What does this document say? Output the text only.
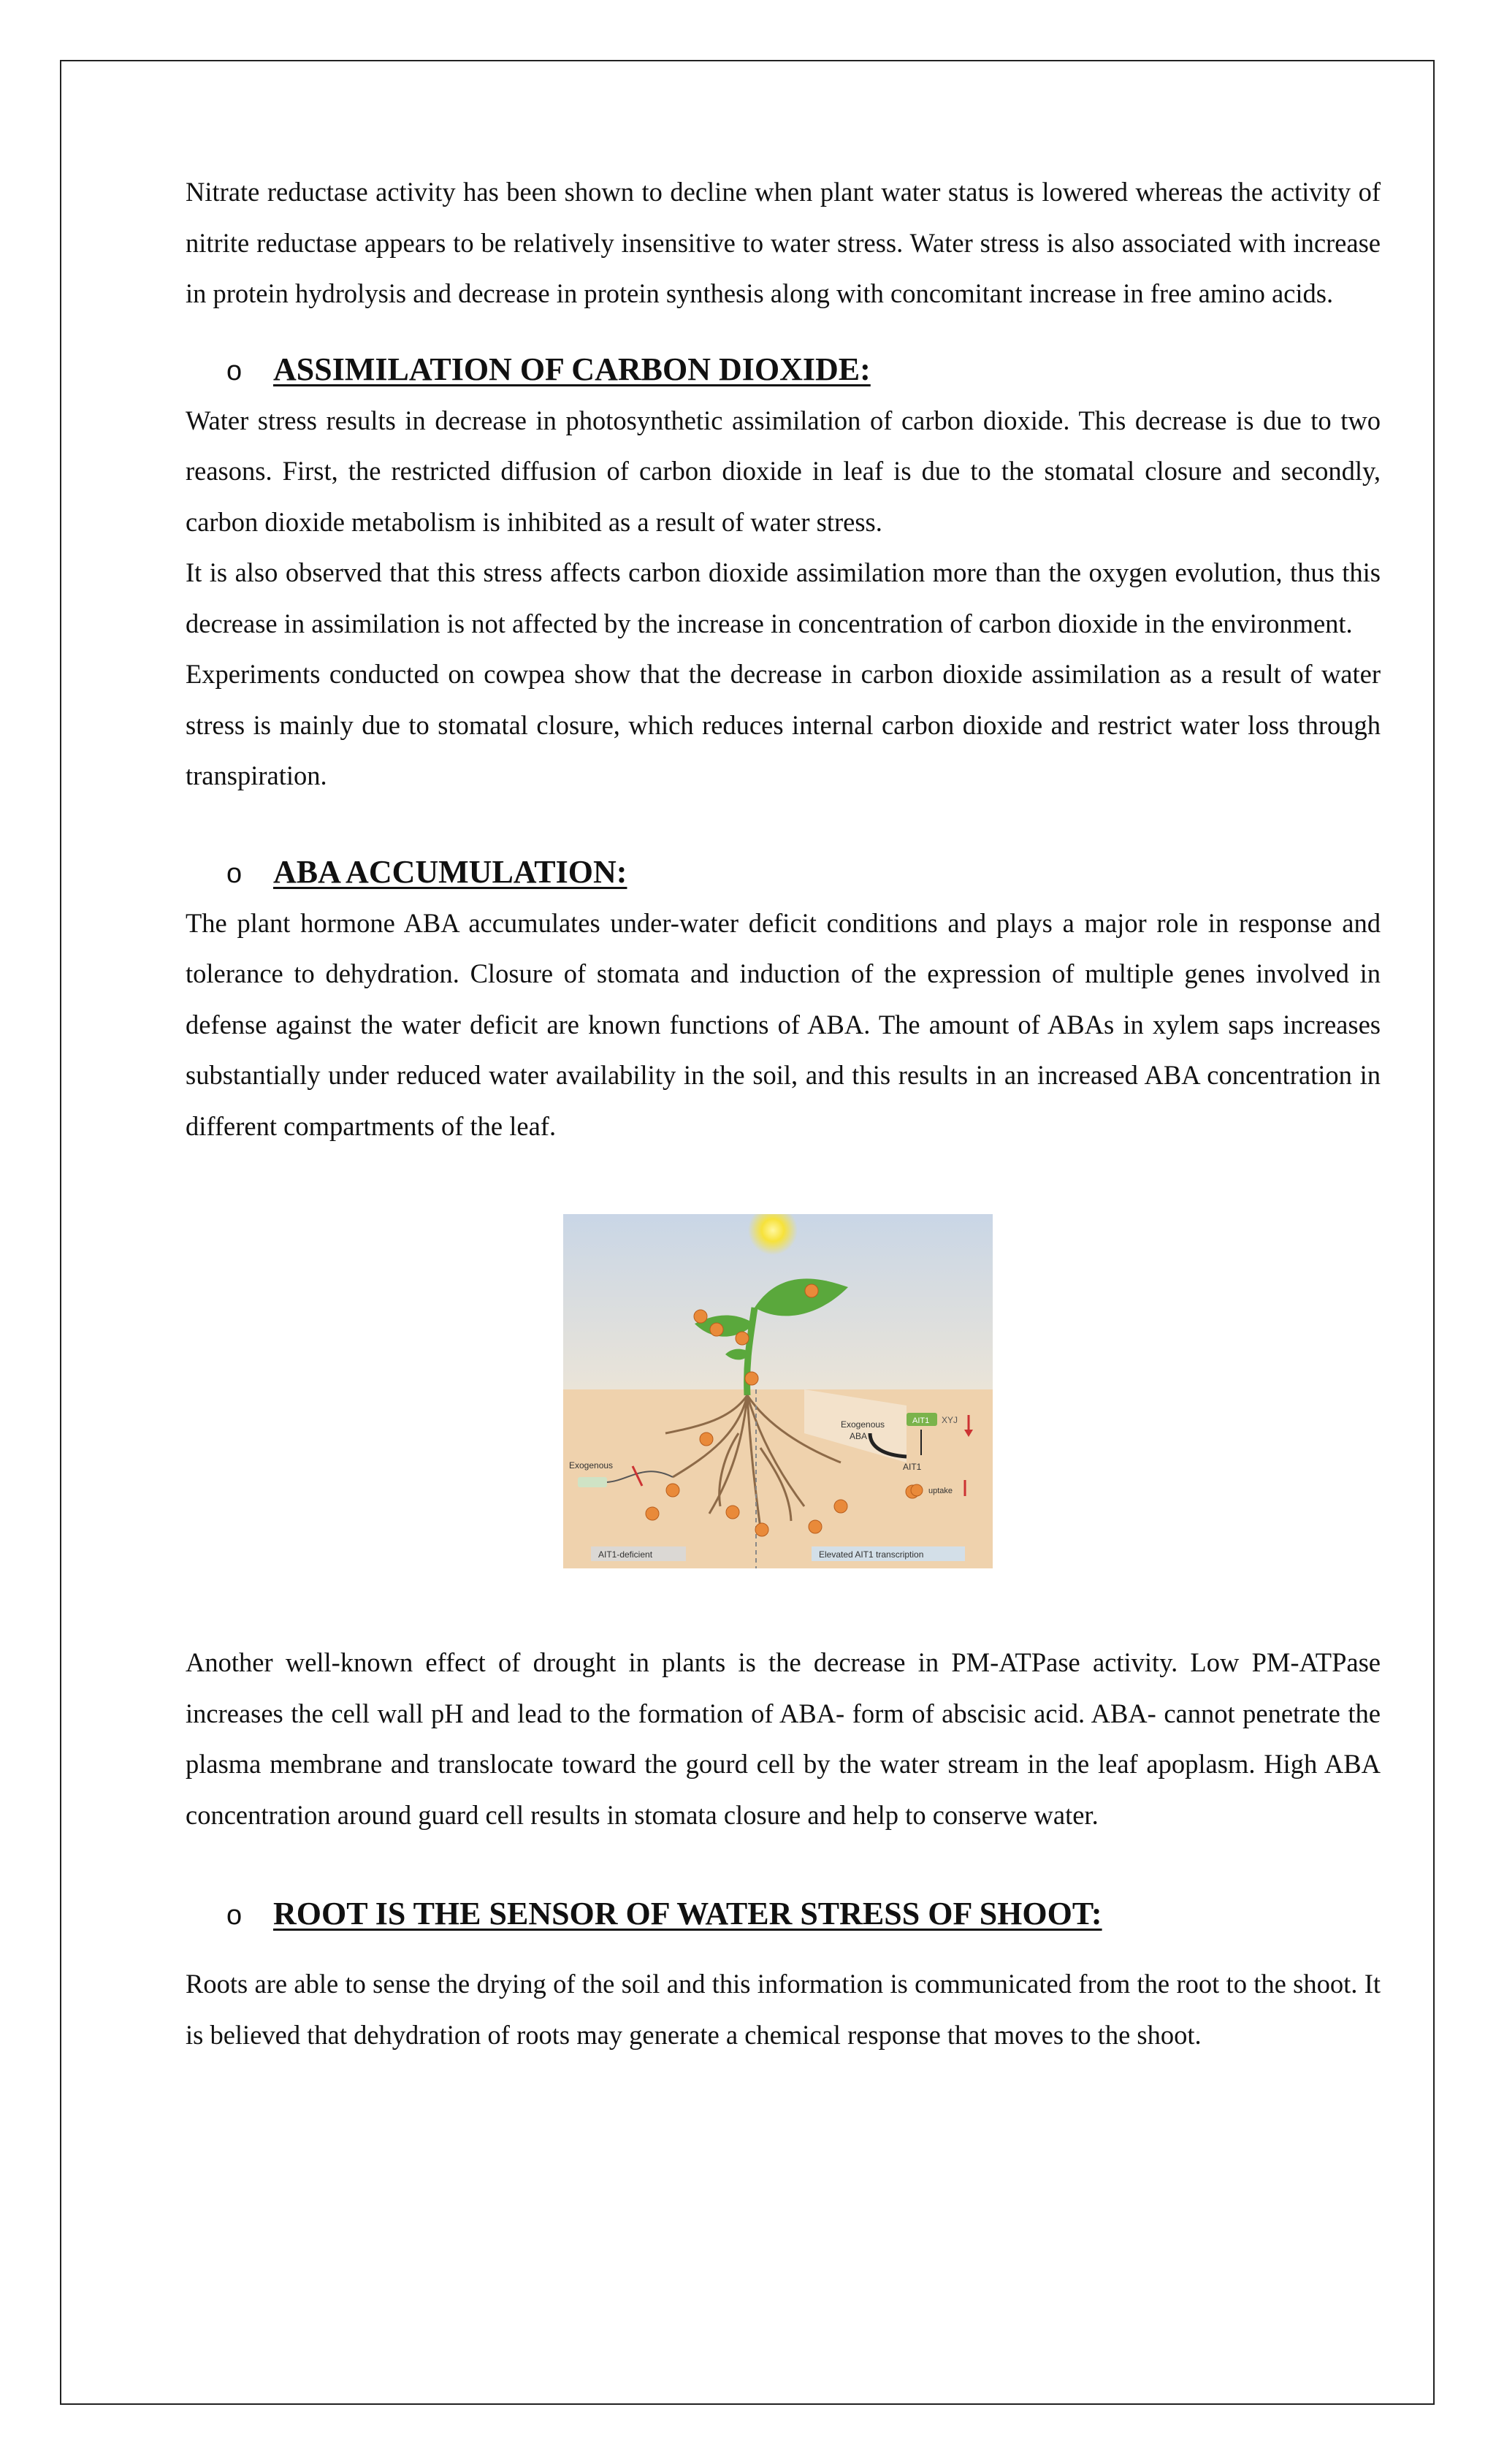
Nitrate reductase activity has been shown to decline when plant water status is lowered whereas the activity of nitrite reductase appears to be relatively insensitive to water stress. Water stress is also associated with increase in protein hydrolysis and decrease in protein synthesis along with concomitant increase in free amino acids.

o ASSIMILATION OF CARBON DIOXIDE:

Water stress results in decrease in photosynthetic assimilation of carbon dioxide. This decrease is due to two reasons. First, the restricted diffusion of carbon dioxide in leaf is due to the stomatal closure and secondly, carbon dioxide metabolism is inhibited as a result of water stress.

It is also observed that this stress affects carbon dioxide assimilation more than the oxygen evolution, thus this decrease in assimilation is not affected by the increase in concentration of carbon dioxide in the environment.

Experiments conducted on cowpea show that the decrease in carbon dioxide assimilation as a result of water stress is mainly due to stomatal closure, which reduces internal carbon dioxide and restrict water loss through transpiration.

o ABA ACCUMULATION:

The plant hormone ABA accumulates under-water deficit conditions and plays a major role in response and tolerance to dehydration. Closure of stomata and induction of the expression of multiple genes involved in defense against the water deficit are known functions of ABA. The amount of ABAs in xylem saps increases substantially under reduced water availability in the soil, and this results in an increased ABA concentration in different compartments of the leaf.

Exogenous
Exogenous
ABA
AIT1 XYJ
AIT1
uptake
AIT1-deficient	Elevated AIT1 transcription

Another well-known effect of drought in plants is the decrease in PM-ATPase activity. Low PM-ATPase increases the cell wall pH and lead to the formation of ABA- form of abscisic acid. ABA- cannot penetrate the plasma membrane and translocate toward the gourd cell by the water stream in the leaf apoplasm. High ABA concentration around guard cell results in stomata closure and help to conserve water.

o ROOT IS THE SENSOR OF WATER STRESS OF SHOOT:

Roots are able to sense the drying of the soil and this information is communicated from the root to the shoot. It is believed that dehydration of roots may generate a chemical response that moves to the shoot.
